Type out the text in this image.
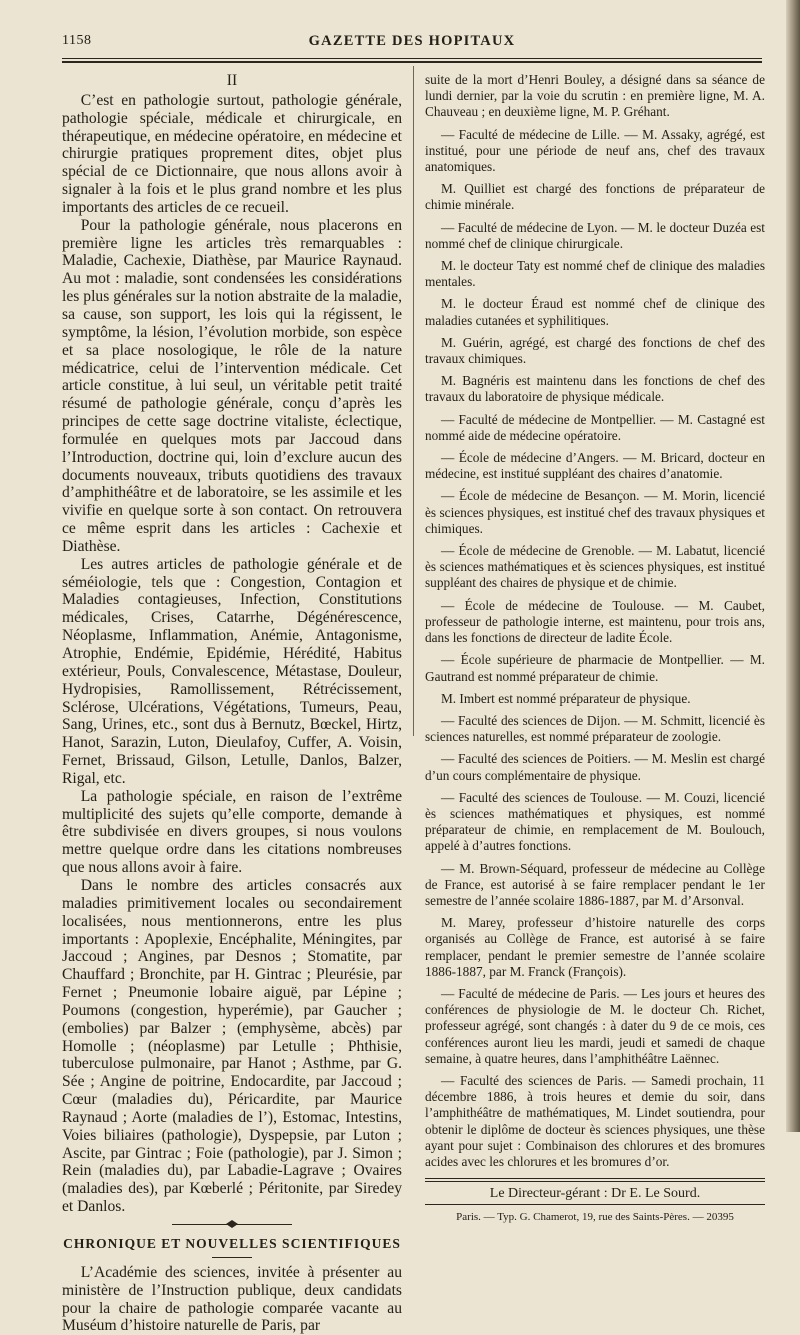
1158	GAZETTE DES HOPITAUX

II

C’est en pathologie surtout, pathologie générale, pathologie spéciale, médicale et chirurgicale, en thérapeutique, en médecine opératoire, en médecine et chirurgie pratiques proprement dites, objet plus spécial de ce Dictionnaire, que nous allons avoir à signaler à la fois et le plus grand nombre et les plus importants des articles de ce recueil.

Pour la pathologie générale, nous placerons en première ligne les articles très remarquables : Maladie, Cachexie, Diathèse, par Maurice Raynaud. Au mot : maladie, sont condensées les considérations les plus générales sur la notion abstraite de la maladie, sa cause, son support, les lois qui la régissent, le symptôme, la lésion, l’évolution morbide, son espèce et sa place nosologique, le rôle de la nature médicatrice, celui de l’intervention médicale. Cet article constitue, à lui seul, un véritable petit traité résumé de pathologie générale, conçu d’après les principes de cette sage doctrine vitaliste, éclectique, formulée en quelques mots par Jaccoud dans l’Introduction, doctrine qui, loin d’exclure aucun des documents nouveaux, tributs quotidiens des travaux d’amphithéâtre et de laboratoire, se les assimile et les vivifie en quelque sorte à son contact. On retrouvera ce même esprit dans les articles : Cachexie et Diathèse.

Les autres articles de pathologie générale et de séméiologie, tels que : Congestion, Contagion et Maladies contagieuses, Infection, Constitutions médicales, Crises, Catarrhe, Dégénérescence, Néoplasme, Inflammation, Anémie, Antagonisme, Atrophie, Endémie, Epidémie, Hérédité, Habitus extérieur, Pouls, Convalescence, Métastase, Douleur, Hydropisies, Ramollissement, Rétrécissement, Sclérose, Ulcérations, Végétations, Tumeurs, Peau, Sang, Urines, etc., sont dus à Bernutz, Bœckel, Hirtz, Hanot, Sarazin, Luton, Dieulafoy, Cuffer, A. Voisin, Fernet, Brissaud, Gilson, Letulle, Danlos, Balzer, Rigal, etc.

La pathologie spéciale, en raison de l’extrême multiplicité des sujets qu’elle comporte, demande à être subdivisée en divers groupes, si nous voulons mettre quelque ordre dans les citations nombreuses que nous allons avoir à faire.

Dans le nombre des articles consacrés aux maladies primitivement locales ou secondairement localisées, nous mentionnerons, entre les plus importants : Apoplexie, Encéphalite, Méningites, par Jaccoud ; Angines, par Desnos ; Stomatite, par Chauffard ; Bronchite, par H. Gintrac ; Pleurésie, par Fernet ; Pneumonie lobaire aiguë, par Lépine ; Poumons (congestion, hyperémie), par Gaucher ; (embolies) par Balzer ; (emphysème, abcès) par Homolle ; (néoplasme) par Letulle ; Phthisie, tuberculose pulmonaire, par Hanot ; Asthme, par G. Sée ; Angine de poitrine, Endocardite, par Jaccoud ; Cœur (maladies du), Péricardite, par Maurice Raynaud ; Aorte (maladies de l’), Estomac, Intestins, Voies biliaires (pathologie), Dyspepsie, par Luton ; Ascite, par Gintrac ; Foie (pathologie), par J. Simon ; Rein (maladies du), par Labadie-Lagrave ; Ovaires (maladies des), par Kœberlé ; Péritonite, par Siredey et Danlos.

CHRONIQUE ET NOUVELLES SCIENTIFIQUES

L’Académie des sciences, invitée à présenter au ministère de l’Instruction publique, deux candidats pour la chaire de pathologie comparée vacante au Muséum d’histoire naturelle de Paris, par

suite de la mort d’Henri Bouley, a désigné dans sa séance de lundi dernier, par la voie du scrutin : en première ligne, M. A. Chauveau ; en deuxième ligne, M. P. Gréhant.

— Faculté de médecine de Lille. — M. Assaky, agrégé, est institué, pour une période de neuf ans, chef des travaux anatomiques.

M. Quilliet est chargé des fonctions de préparateur de chimie minérale.

— Faculté de médecine de Lyon. — M. le docteur Duzéa est nommé chef de clinique chirurgicale.

M. le docteur Taty est nommé chef de clinique des maladies mentales.

M. le docteur Éraud est nommé chef de clinique des maladies cutanées et syphilitiques.

M. Guérin, agrégé, est chargé des fonctions de chef des travaux chimiques.

M. Bagnéris est maintenu dans les fonctions de chef des travaux du laboratoire de physique médicale.

— Faculté de médecine de Montpellier. — M. Castagné est nommé aide de médecine opératoire.

— École de médecine d’Angers. — M. Bricard, docteur en médecine, est institué suppléant des chaires d’anatomie.

— École de médecine de Besançon. — M. Morin, licencié ès sciences physiques, est institué chef des travaux physiques et chimiques.

— École de médecine de Grenoble. — M. Labatut, licencié ès sciences mathématiques et ès sciences physiques, est institué suppléant des chaires de physique et de chimie.

— École de médecine de Toulouse. — M. Caubet, professeur de pathologie interne, est maintenu, pour trois ans, dans les fonctions de directeur de ladite École.

— École supérieure de pharmacie de Montpellier. — M. Gautrand est nommé préparateur de chimie.

M. Imbert est nommé préparateur de physique.

— Faculté des sciences de Dijon. — M. Schmitt, licencié ès sciences naturelles, est nommé préparateur de zoologie.

— Faculté des sciences de Poitiers. — M. Meslin est chargé d’un cours complémentaire de physique.

— Faculté des sciences de Toulouse. — M. Couzi, licencié ès sciences mathématiques et physiques, est nommé préparateur de chimie, en remplacement de M. Boulouch, appelé à d’autres fonctions.

— M. Brown-Séquard, professeur de médecine au Collège de France, est autorisé à se faire remplacer pendant le 1er semestre de l’année scolaire 1886-1887, par M. d’Arsonval.

M. Marey, professeur d’histoire naturelle des corps organisés au Collège de France, est autorisé à se faire remplacer, pendant le premier semestre de l’année scolaire 1886-1887, par M. Franck (François).

— Faculté de médecine de Paris. — Les jours et heures des conférences de physiologie de M. le docteur Ch. Richet, professeur agrégé, sont changés : à dater du 9 de ce mois, ces conférences auront lieu les mardi, jeudi et samedi de chaque semaine, à quatre heures, dans l’amphithéâtre Laënnec.

— Faculté des sciences de Paris. — Samedi prochain, 11 décembre 1886, à trois heures et demie du soir, dans l’amphithéâtre de mathématiques, M. Lindet soutiendra, pour obtenir le diplôme de docteur ès sciences physiques, une thèse ayant pour sujet : Combinaison des chlorures et des bromures acides avec les chlorures et les bromures d’or.

Le Directeur-gérant : Dr E. Le Sourd.

Paris. — Typ. G. Chamerot, 19, rue des Saints-Pères. — 20395
